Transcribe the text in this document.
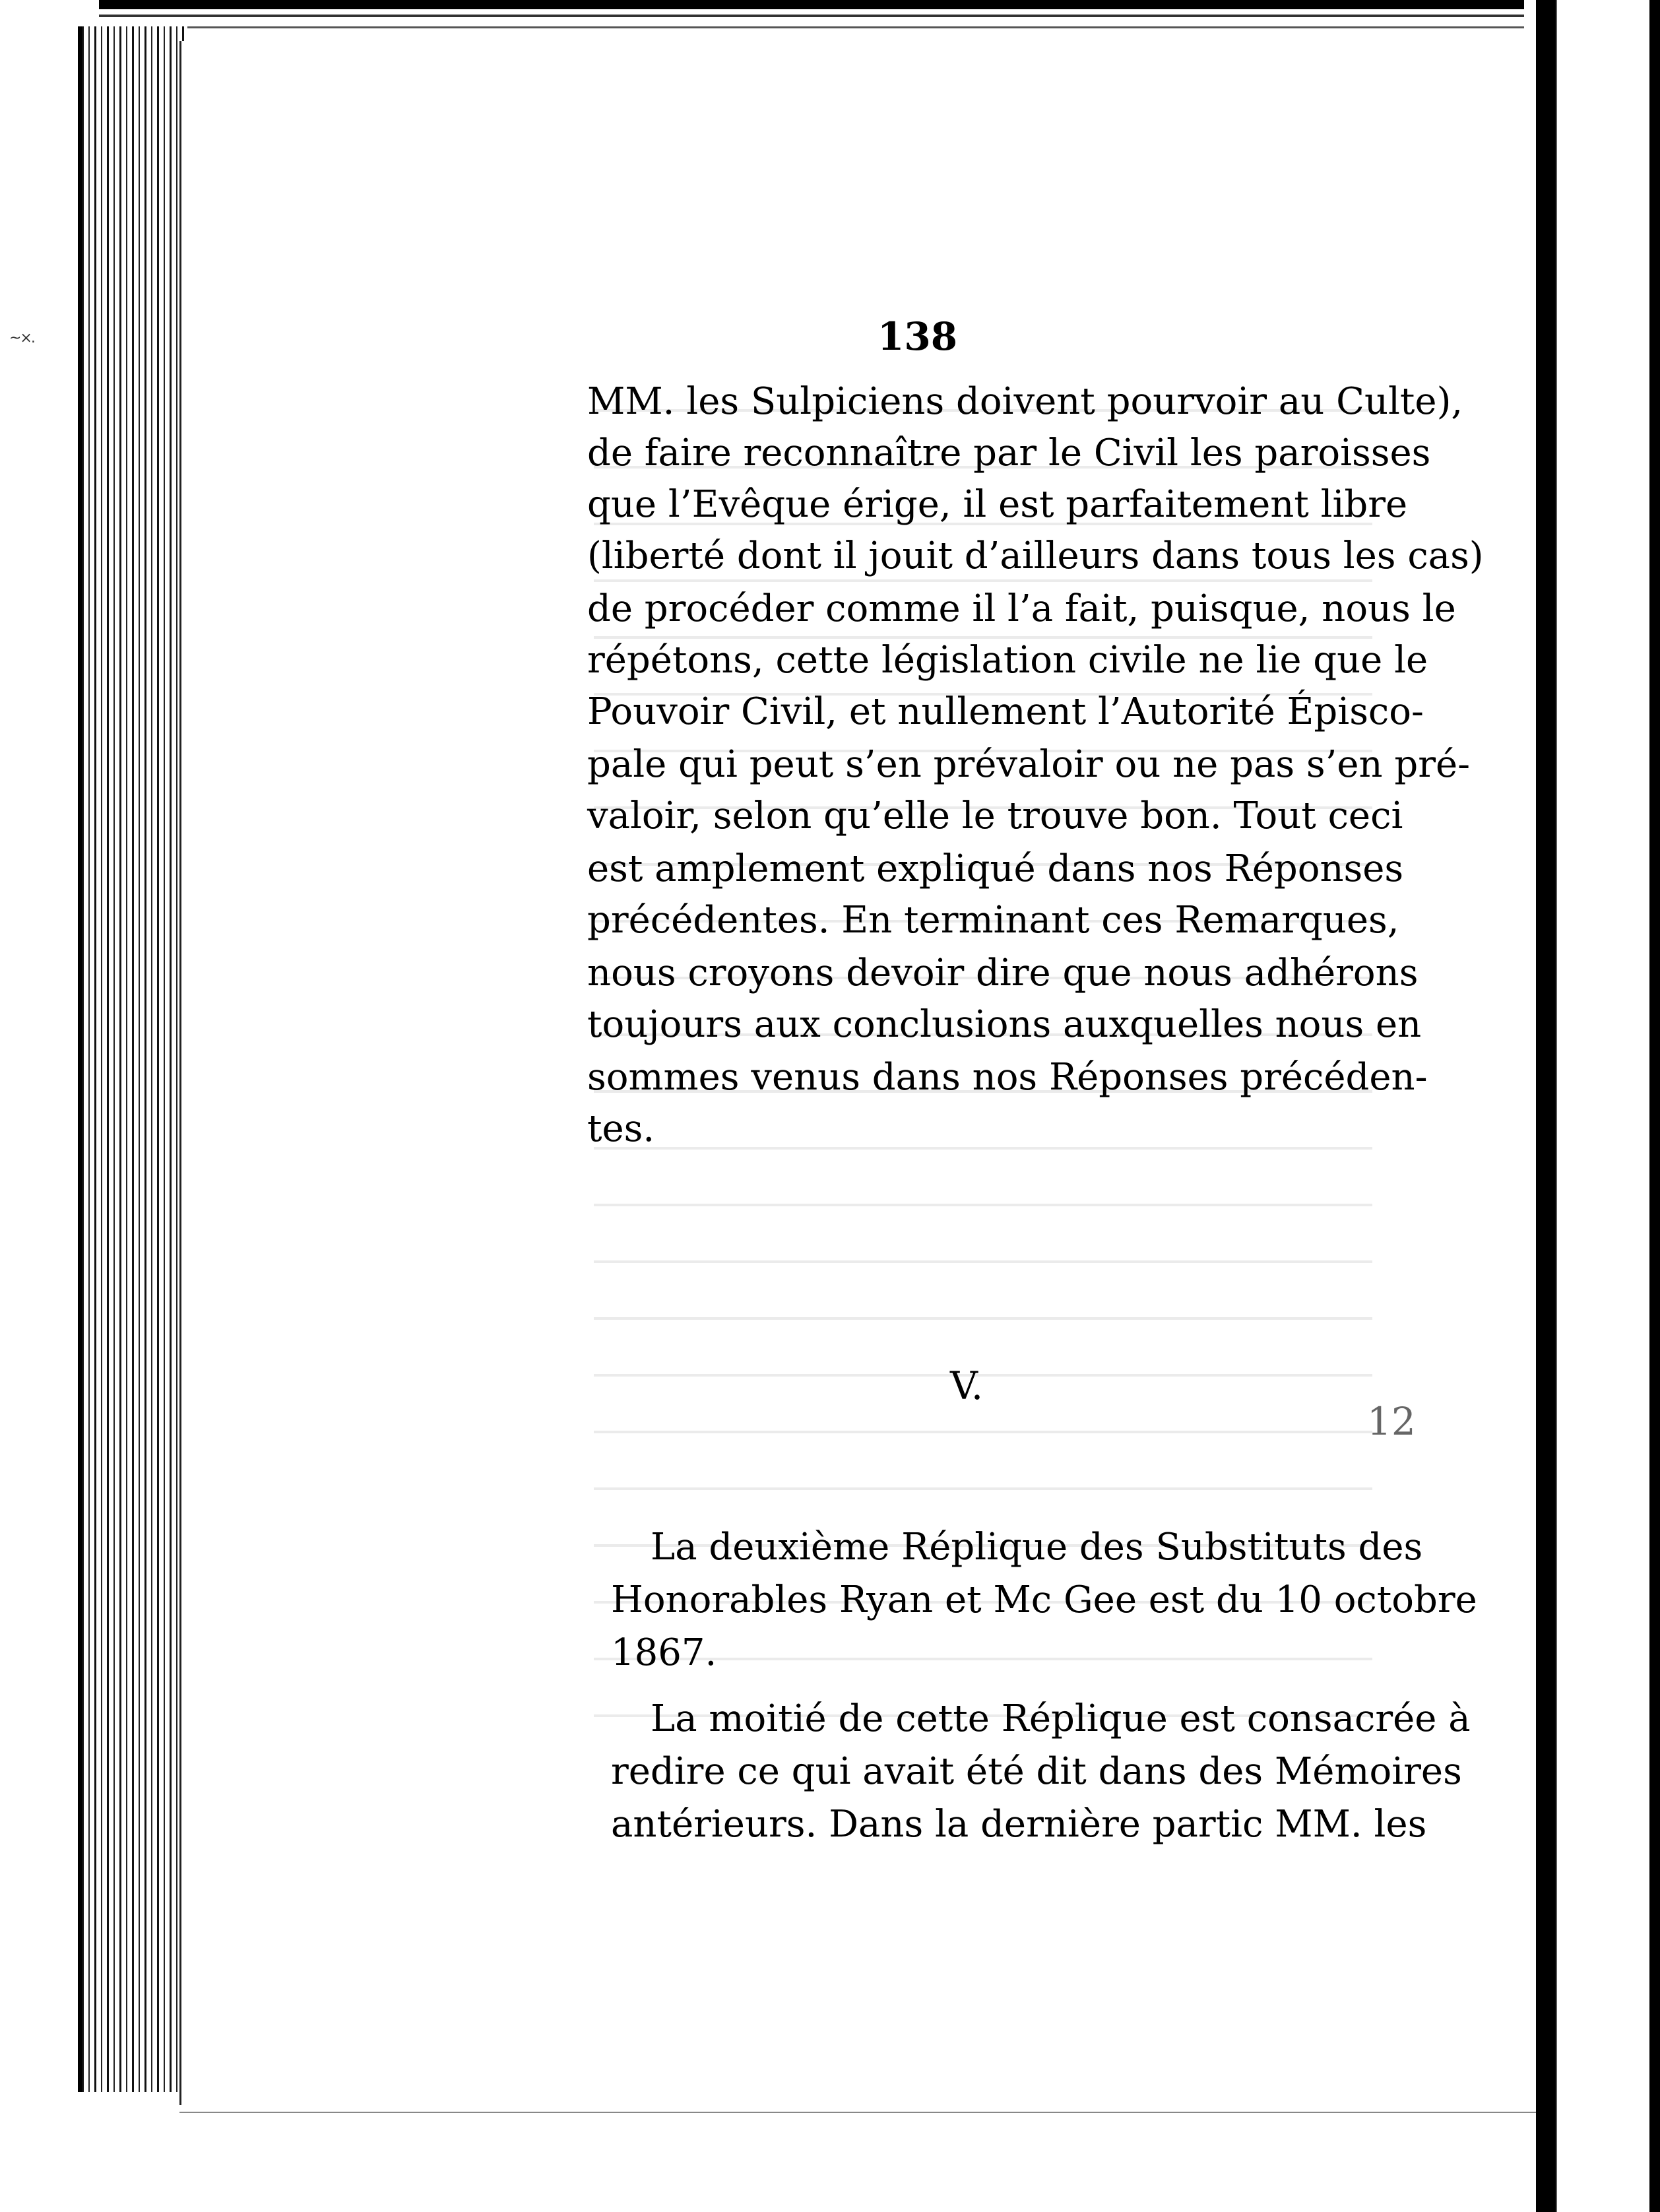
~×.	138
MM. les Sulpiciens doivent pourvoir au Culte),
de faire reconnaître par le Civil les paroisses
que l’Evêque érige, il est parfaitement libre
(liberté dont il jouit d’ailleurs dans tous les cas)
de procéder comme il l’a fait, puisque, nous le
répétons, cette législation civile ne lie que le
Pouvoir Civil, et nullement l’Autorité Épisco-
pale qui peut s’en prévaloir ou ne pas s’en pré-
valoir, selon qu’elle le trouve bon. Tout ceci
est amplement expliqué dans nos Réponses
précédentes. En terminant ces Remarques,
nous croyons devoir dire que nous adhérons
toujours aux conclusions auxquelles nous en
sommes venus dans nos Réponses précéden-
tes.
V.
12
La deuxième Réplique des Substituts des
Honorables Ryan et Mc Gee est du 10 octobre
1867.
La moitié de cette Réplique est consacrée à
redire ce qui avait été dit dans des Mémoires
antérieurs. Dans la dernière partic MM. les
